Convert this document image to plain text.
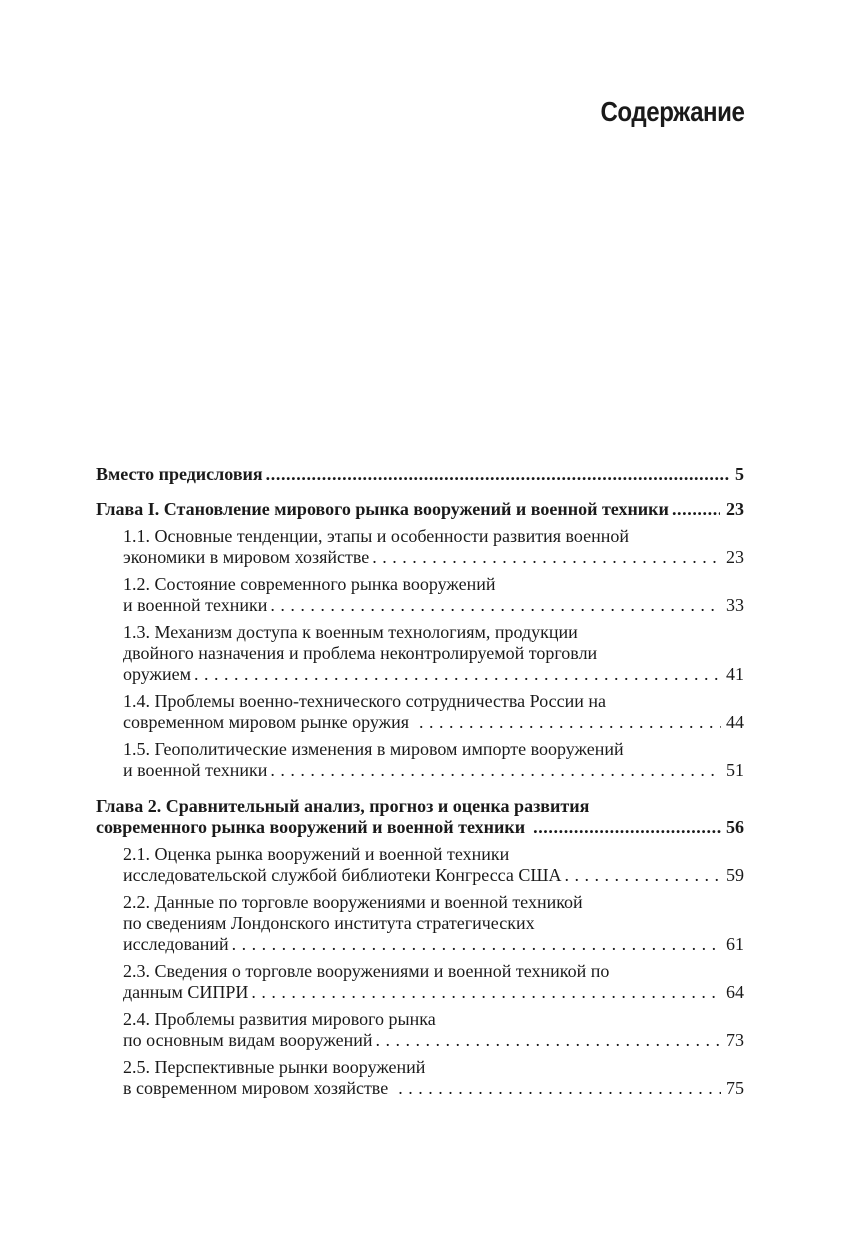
Содержание
Вместо предисловия .....	5
Глава I. Становление мирового рынка вооружений и военной техники .....	23
1.1. Основные тенденции, этапы и особенности развития военной
экономики в мировом хозяйстве . . .	23
1.2. Состояние современного рынка вооружений
и военной техники . . .	33
1.3. Механизм доступа к военным технологиям, продукции
двойного назначения и проблема неконтролируемой торговли
оружием . . .	41
1.4. Проблемы военно-технического сотрудничества России на
современном мировом рынке оружия . . .	44
1.5. Геополитические изменения в мировом импорте вооружений
и военной техники . . .	51
Глава 2. Сравнительный анализ, прогноз и оценка развития
современного рынка вооружений и военной техники .....	56
2.1. Оценка рынка вооружений и военной техники
исследовательской службой библиотеки Конгресса США . . .	59
2.2. Данные по торговле вооружениями и военной техникой
по сведениям Лондонского института стратегических
исследований . . .	61
2.3. Сведения о торговле вооружениями и военной техникой по
данным СИПРИ . . .	64
2.4. Проблемы развития мирового рынка
по основным видам вооружений . . .	73
2.5. Перспективные рынки вооружений
в современном мировом хозяйстве . . .	75
